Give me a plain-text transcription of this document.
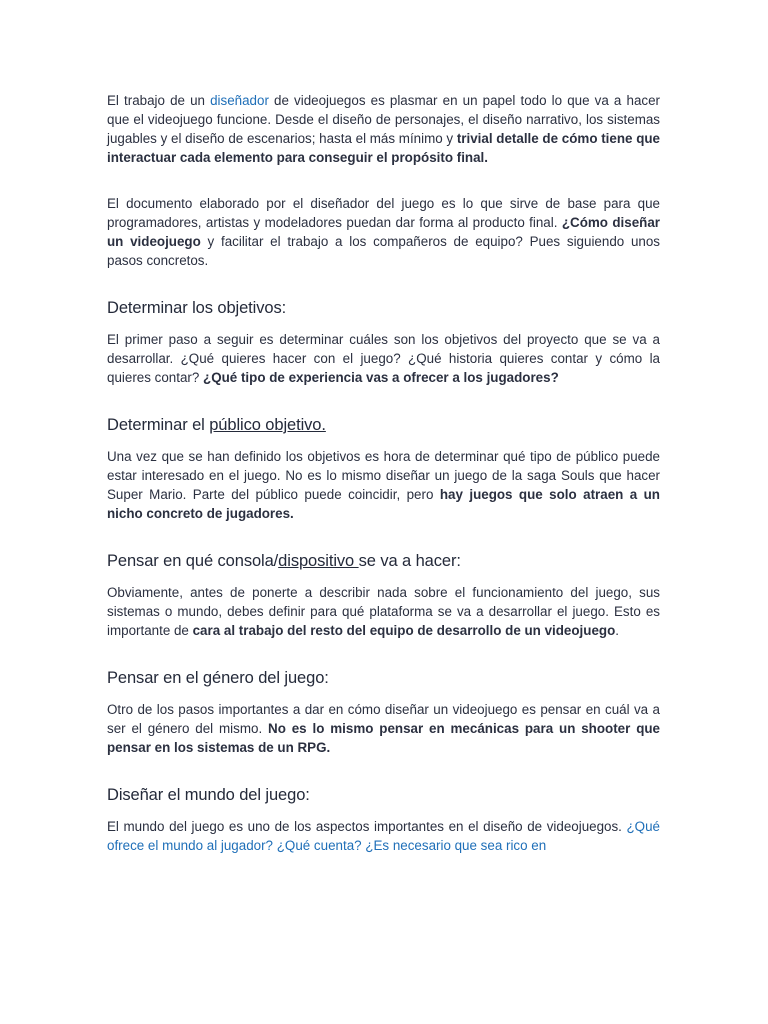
El trabajo de un diseñador de videojuegos es plasmar en un papel todo lo que va a hacer que el videojuego funcione. Desde el diseño de personajes, el diseño narrativo, los sistemas jugables y el diseño de escenarios; hasta el más mínimo y trivial detalle de cómo tiene que interactuar cada elemento para conseguir el propósito final.

El documento elaborado por el diseñador del juego es lo que sirve de base para que programadores, artistas y modeladores puedan dar forma al producto final. ¿Cómo diseñar un videojuego y facilitar el trabajo a los compañeros de equipo? Pues siguiendo unos pasos concretos.

Determinar los objetivos:

El primer paso a seguir es determinar cuáles son los objetivos del proyecto que se va a desarrollar. ¿Qué quieres hacer con el juego? ¿Qué historia quieres contar y cómo la quieres contar? ¿Qué tipo de experiencia vas a ofrecer a los jugadores?

Determinar el público objetivo.

Una vez que se han definido los objetivos es hora de determinar qué tipo de público puede estar interesado en el juego. No es lo mismo diseñar un juego de la saga Souls que hacer Super Mario. Parte del público puede coincidir, pero hay juegos que solo atraen a un nicho concreto de jugadores.

Pensar en qué consola/dispositivo se va a hacer:

Obviamente, antes de ponerte a describir nada sobre el funcionamiento del juego, sus sistemas o mundo, debes definir para qué plataforma se va a desarrollar el juego. Esto es importante de cara al trabajo del resto del equipo de desarrollo de un videojuego.

Pensar en el género del juego:

Otro de los pasos importantes a dar en cómo diseñar un videojuego es pensar en cuál va a ser el género del mismo. No es lo mismo pensar en mecánicas para un shooter que pensar en los sistemas de un RPG.

Diseñar el mundo del juego:

El mundo del juego es uno de los aspectos importantes en el diseño de videojuegos. ¿Qué ofrece el mundo al jugador? ¿Qué cuenta? ¿Es necesario que sea rico en
